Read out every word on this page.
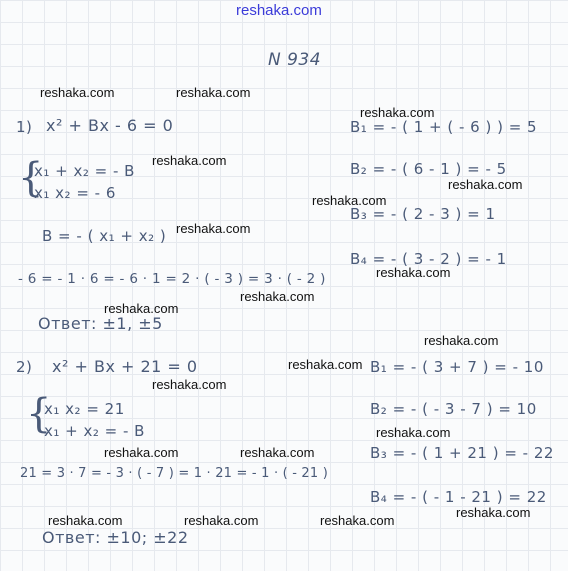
reshaka.com
N 934
1) x² + Bx - 6 = 0
{
x₁ + x₂ = - B
x₁ x₂ = - 6
B = - ( x₁ + x₂ )
- 6 = - 1 · 6 = - 6 · 1 = 2 · ( - 3 ) = 3 · ( - 2 )
Ответ: ±1, ±5
B₁ = - ( 1 + ( - 6 ) ) = 5
B₂ = - ( 6 - 1 ) = - 5
B₃ = - ( 2 - 3 ) = 1
B₄ = - ( 3 - 2 ) = - 1
2) x² + Bx + 21 = 0
{
x₁ x₂ = 21
x₁ + x₂ = - B
21 = 3 · 7 = - 3 · ( - 7 ) = 1 · 21 = - 1 · ( - 21 )
Ответ: ±10; ±22
B₁ = - ( 3 + 7 ) = - 10
B₂ = - ( - 3 - 7 ) = 10
B₃ = - ( 1 + 21 ) = - 22
B₄ = - ( - 1 - 21 ) = 22
reshaka.com	reshaka.com
reshaka.com
reshaka.com
reshaka.com
reshaka.com
reshaka.com
reshaka.com
reshaka.com
reshaka.com
reshaka.com
reshaka.com
reshaka.com
reshaka.com
reshaka.com	reshaka.com
reshaka.com
reshaka.com	reshaka.com	reshaka.com
